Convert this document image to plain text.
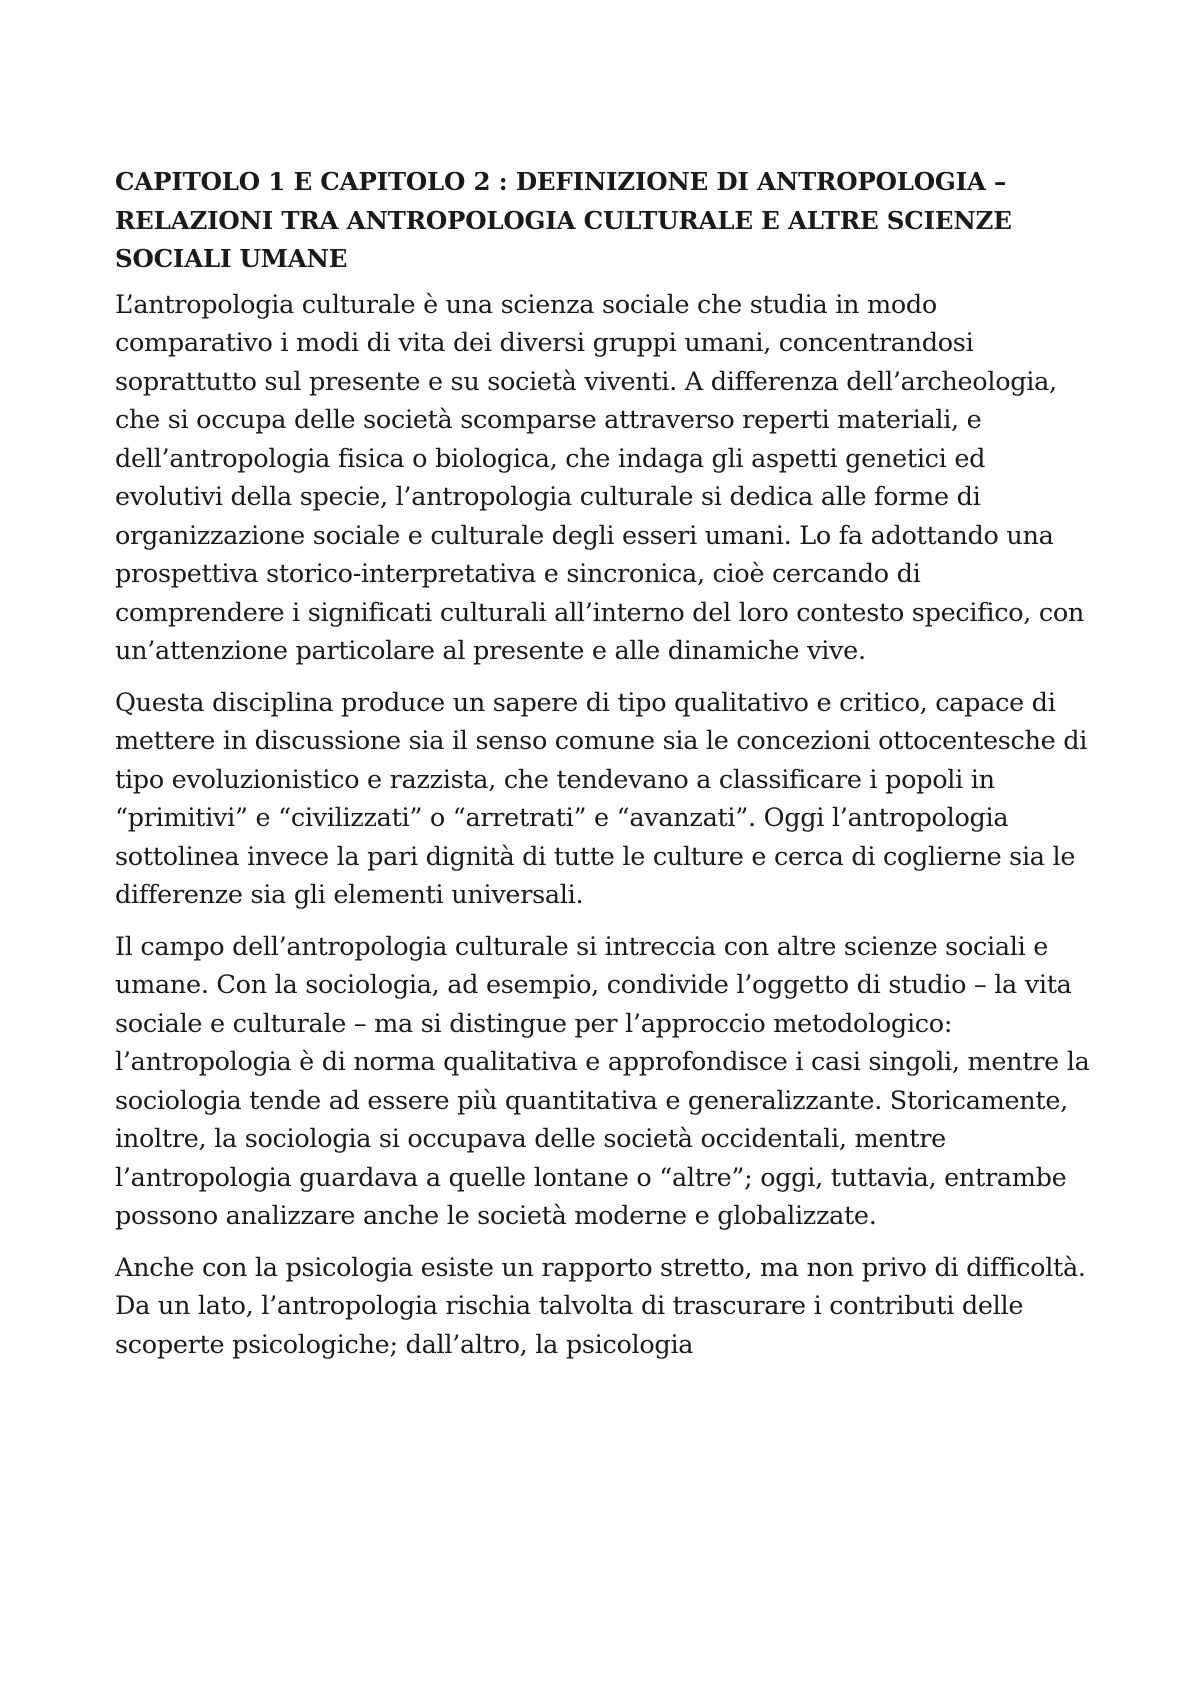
CAPITOLO 1 E CAPITOLO 2 : DEFINIZIONE DI ANTROPOLOGIA – RELAZIONI TRA ANTROPOLOGIA CULTURALE E ALTRE SCIENZE SOCIALI UMANE

L’antropologia culturale è una scienza sociale che studia in modo comparativo i modi di vita dei diversi gruppi umani, concentrandosi soprattutto sul presente e su società viventi. A differenza dell’archeologia, che si occupa delle società scomparse attraverso reperti materiali, e dell’antropologia fisica o biologica, che indaga gli aspetti genetici ed evolutivi della specie, l’antropologia culturale si dedica alle forme di organizzazione sociale e culturale degli esseri umani. Lo fa adottando una prospettiva storico-interpretativa e sincronica, cioè cercando di comprendere i significati culturali all’interno del loro contesto specifico, con un’attenzione particolare al presente e alle dinamiche vive.

Questa disciplina produce un sapere di tipo qualitativo e critico, capace di mettere in discussione sia il senso comune sia le concezioni ottocentesche di tipo evoluzionistico e razzista, che tendevano a classificare i popoli in “primitivi” e “civilizzati” o “arretrati” e “avanzati”. Oggi l’antropologia sottolinea invece la pari dignità di tutte le culture e cerca di coglierne sia le differenze sia gli elementi universali.

Il campo dell’antropologia culturale si intreccia con altre scienze sociali e umane. Con la sociologia, ad esempio, condivide l’oggetto di studio – la vita sociale e culturale – ma si distingue per l’approccio metodologico: l’antropologia è di norma qualitativa e approfondisce i casi singoli, mentre la sociologia tende ad essere più quantitativa e generalizzante. Storicamente, inoltre, la sociologia si occupava delle società occidentali, mentre l’antropologia guardava a quelle lontane o “altre”; oggi, tuttavia, entrambe possono analizzare anche le società moderne e globalizzate.

Anche con la psicologia esiste un rapporto stretto, ma non privo di difficoltà. Da un lato, l’antropologia rischia talvolta di trascurare i contributi delle scoperte psicologiche; dall’altro, la psicologia
